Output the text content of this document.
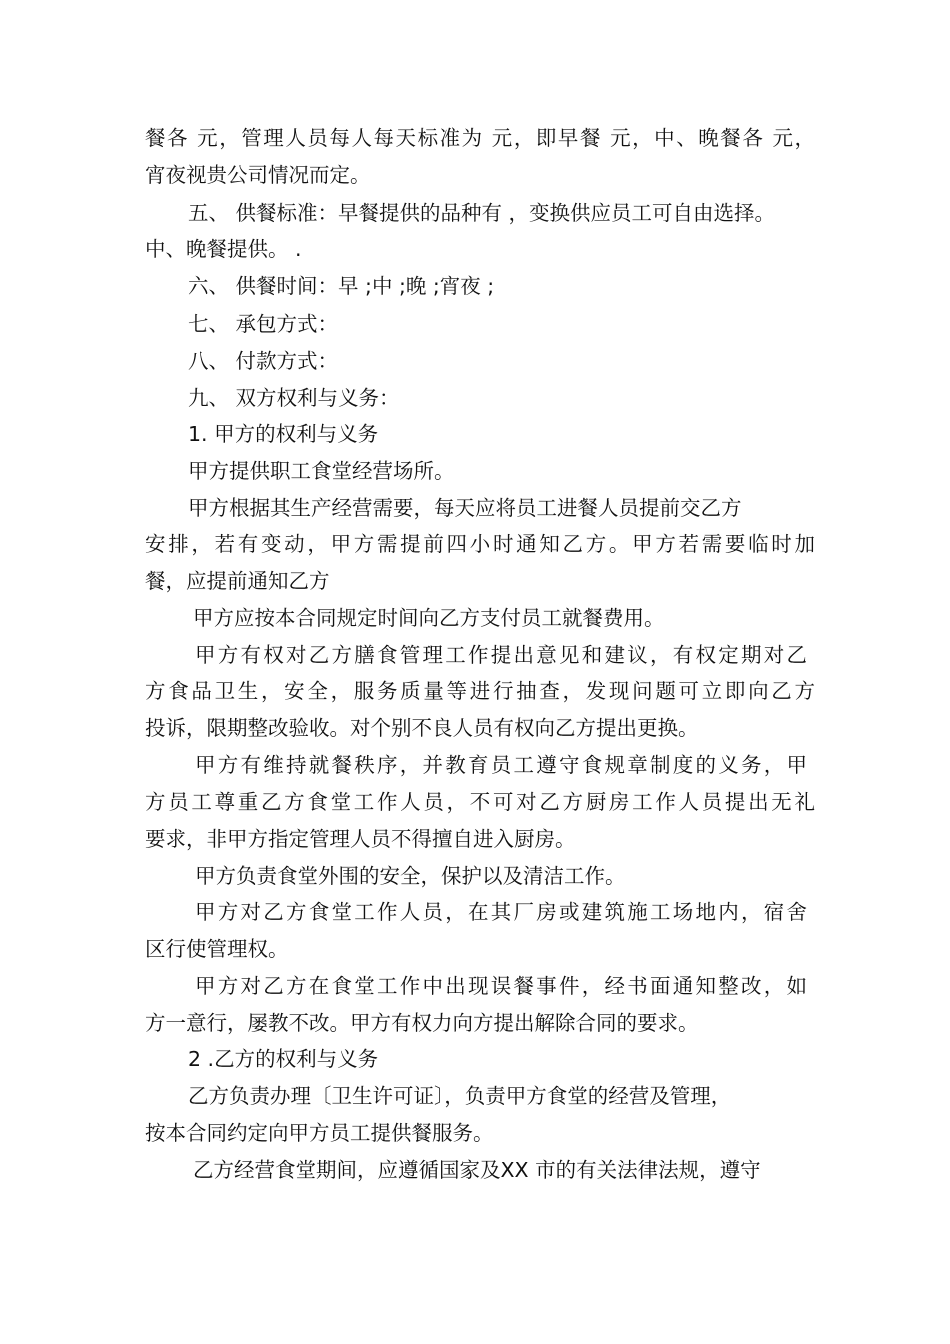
餐各 元，管理人员每人每天标准为 元，即早餐 元，中、晚餐各 元，
宵夜视贵公司情况而定。
五、 供餐标准：早餐提供的品种有 ，变换供应员工可自由选择。
中、晚餐提供。 .
六、 供餐时间：早 ;中 ;晚 ;宵夜 ;
七、 承包方式：
八、 付款方式：
九、 双方权利与义务：
1. 甲方的权利与义务
甲方提供职工食堂经营场所。
甲方根据其生产经营需要，每天应将员工进餐人员提前交乙方
安排，若有变动，甲方需提前四小时通知乙方。甲方若需要临时加
餐，应提前通知乙方
甲方应按本合同规定时间向乙方支付员工就餐费用。
甲方有权对乙方膳食管理工作提出意见和建议，有权定期对乙
方食品卫生，安全，服务质量等进行抽查，发现问题可立即向乙方
投诉，限期整改验收。对个别不良人员有权向乙方提出更换。
甲方有维持就餐秩序，并教育员工遵守食规章制度的义务，甲
方员工尊重乙方食堂工作人员，不可对乙方厨房工作人员提出无礼
要求，非甲方指定管理人员不得擅自进入厨房。
甲方负责食堂外围的安全，保护以及清洁工作。
甲方对乙方食堂工作人员，在其厂房或建筑施工场地内，宿舍
区行使管理权。
甲方对乙方在食堂工作中出现误餐事件，经书面通知整改，如
方一意行，屡教不改。甲方有权力向方提出解除合同的要求。
2 .乙方的权利与义务
乙方负责办理〔卫生许可证〕，负责甲方食堂的经营及管理，
按本合同约定向甲方员工提供餐服务。
乙方经营食堂期间，应遵循国家及XX 市的有关法律法规，遵守
